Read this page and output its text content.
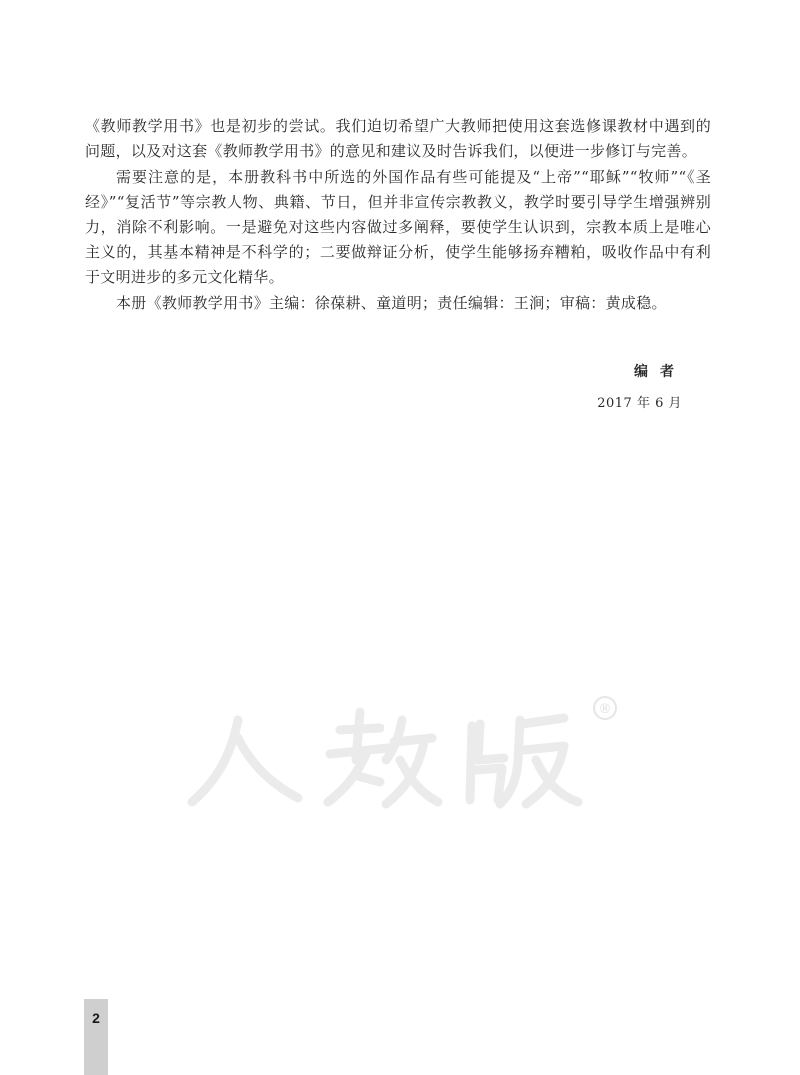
《教师教学用书》也是初步的尝试。我们迫切希望广大教师把使用这套选修课教材中遇到的问题，以及对这套《教师教学用书》的意见和建议及时告诉我们，以便进一步修订与完善。

需要注意的是，本册教科书中所选的外国作品有些可能提及“上帝”“耶稣”“牧师”“《圣经》”“复活节”等宗教人物、典籍、节日，但并非宣传宗教教义，教学时要引导学生增强辨别力，消除不利影响。一是避免对这些内容做过多阐释，要使学生认识到，宗教本质上是唯心主义的，其基本精神是不科学的；二要做辩证分析，使学生能够扬弃糟粕，吸收作品中有利于文明进步的多元文化精华。

本册《教师教学用书》主编：徐葆耕、童道明；责任编辑：王涧；审稿：黄成稳。

编者
2017 年 6 月
®
2
